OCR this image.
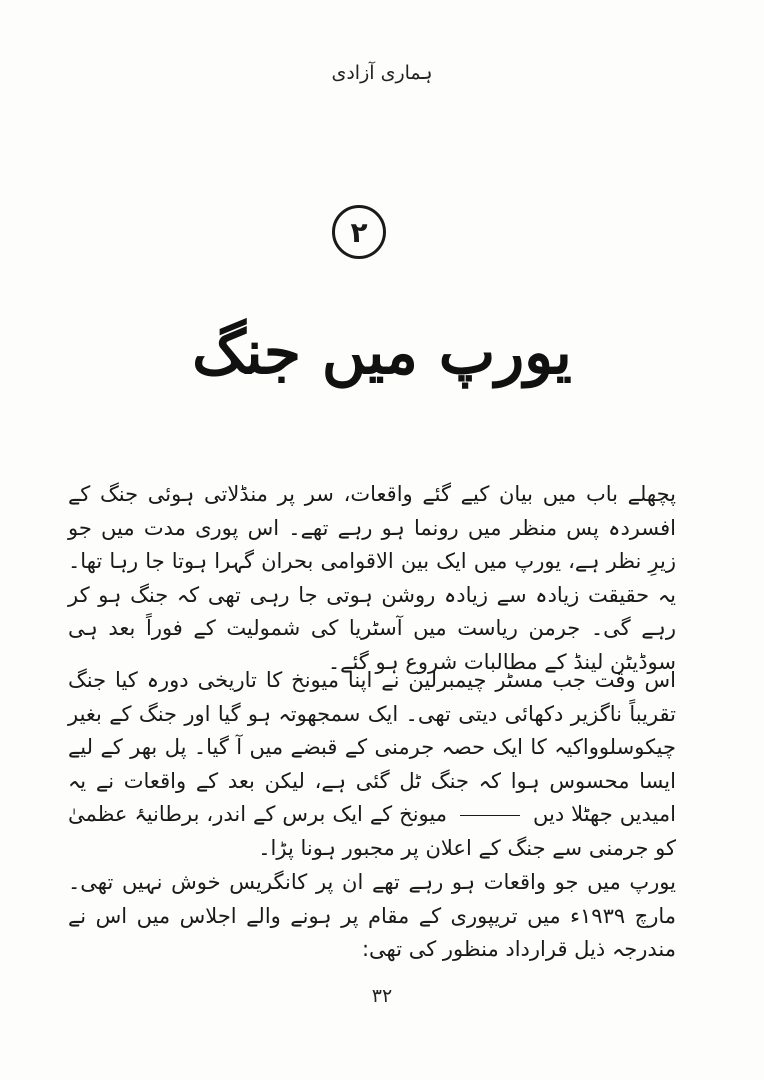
ہماری آزادی
۲
یورپ میں جنگ

پچھلے باب میں بیان کیے گئے واقعات، سر پر منڈلاتی ہوئی جنگ کے افسردہ پس منظر میں رونما ہو رہے تھے۔ اس پوری مدت میں جو زیرِ نظر ہے، یورپ میں ایک بین الاقوامی بحران گہرا ہوتا جا رہا تھا۔ یہ حقیقت زیادہ سے زیادہ روشن ہوتی جا رہی تھی کہ جنگ ہو کر رہے گی۔ جرمن ریاست میں آسٹریا کی شمولیت کے فوراً بعد ہی سوڈیٹن لینڈ کے مطالبات شروع ہو گئے۔

اس وقت جب مسٹر چیمبرلین نے اپنا میونخ کا تاریخی دورہ کیا جنگ تقریباً ناگزیر دکھائی دیتی تھی۔ ایک سمجھوتہ ہو گیا اور جنگ کے بغیر چیکوسلوواکیہ کا ایک حصہ جرمنی کے قبضے میں آ گیا۔ پل بھر کے لیے ایسا محسوس ہوا کہ جنگ ٹل گئی ہے، لیکن بعد کے واقعات نے یہ امیدیں جھٹلا دیں  میونخ کے ایک برس کے اندر، برطانیۂ عظمیٰ کو جرمنی سے جنگ کے اعلان پر مجبور ہونا پڑا۔

یورپ میں جو واقعات ہو رہے تھے ان پر کانگریس خوش نہیں تھی۔ مارچ ۱۹۳۹ء میں تریپوری کے مقام پر ہونے والے اجلاس میں اس نے مندرجہ ذیل قرارداد منظور کی تھی:

۳۲
